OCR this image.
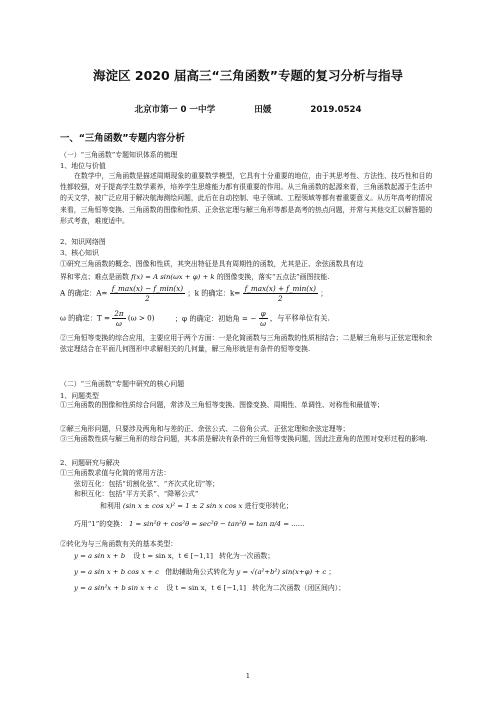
海淀区 2020 届高三“三角函数”专题的复习分析与指导
北京市第一 0 一中学	田媛	2019.0524
一、“三角函数”专题内容分析
（一）“三角函数”专题知识体系的梳理
1、地位与价值
在数学中，三角函数是描述周期现象的重要数学模型，它具有十分重要的地位，由于其思考性、方法性、技巧性和目的性都较强，对于提高学生数学素养，培养学生思维能力都有很重要的作用。从三角函数的起源来看，三角函数起源于生活中的天文学，被广泛应用于解决航海测绘问题，此后在自动控制、电子领域、工程领域等都有着重要意义。从历年高考的情况来看，三角恒等变换、三角函数的图像和性质、正余弦定理与解三角形等都是高考的热点问题，并常与其他交汇以解答题的形式考查，难度适中。
2、知识网络图
3、核心知识
①研究三角函数的概念、图像和性质，其突出特征是具有周期性的函数，尤其是正、余弦函数具有边
界和零点；难点是函数 f(x) = A sin(ωx + φ) + k 的图像变换，落实“五点法”画图技能.
A 的确定：$A= \frac{f\_\max(x) - f\_\min(x)}{2}$ ；k 的确定：$k= \frac{f\_\max(x) + f\_\min(x)}{2}$ ；
ω 的确定：$T = \frac{2\pi}{\omega} (\omega > 0)$	；φ 的确定：初始角 = − $\frac{\varphi}{\omega}$ ，与平移单位有关.
②三角恒等变换的综合应用，主要应用于两个方面：一是化简函数与三角函数的性质相结合；二是解三角形与正弦定理和余弦定理结合在平面几何图形中求解相关的几何量，解三角形就是有条件的恒等变换.
（二）“三角函数”专题中研究的核心问题
1、问题类型
①三角函数的图像和性质综合问题，常涉及三角恒等变换、图像变换、周期性、单调性、对称性和最值等；
②解三角形问题，只要涉及两角和与差的正、余弦公式、二倍角公式、正弦定理和余弦定理等；
③三角函数性质与解三角形的综合问题，其本质是解决有条件的三角恒等变换问题，因此注意角的范围对变形过程的影响.
2、问题研究与解决
①三角函数求值与化简的常用方法：
弦切互化：包括“切割化弦”、“齐次式化切”等；
和积互化：包括“平方关系”、“降幂公式”
和利用 (sin x ± cos x)² = 1 ± 2 sin x cos x 进行变形转化；
巧用“1”的变换： 1 = sin²θ + cos²θ = sec²θ − tan²θ = tan π/4 = ......
②转化为与三角函数有关的基本类型：
y = a sin x + b 设 t = sin x，t ∈ [−1,1] 转化为一次函数；
y = a sin x + b cos x + c 借助辅助角公式转化为 y = √(a²+b²) sin(x+φ) + c ；
y = a sin²x + b sin x + c 设 t = sin x，t ∈ [−1,1] 转化为二次函数（闭区间内）；
1
